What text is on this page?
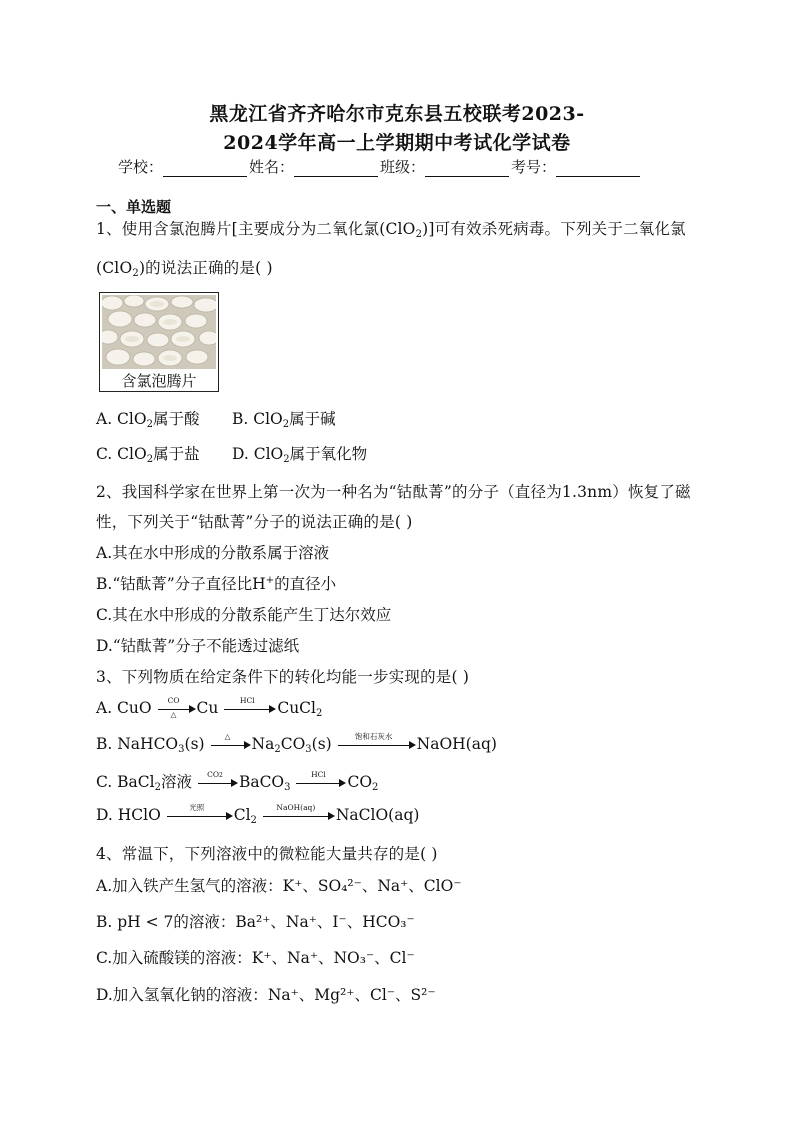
黑龙江省齐齐哈尔市克东县五校联考2023-
2024学年高一上学期期中考试化学试卷
学校：	姓名：	班级：	考号：
一、单选题
1、使用含氯泡腾片[主要成分为二氧化氯(ClO$_2$)]可有效杀死病毒。下列关于二氧化氯
(ClO$_2$)的说法正确的是( )
含氯泡腾片
A. ClO$_2$属于酸 B. ClO$_2$属于碱
C. ClO$_2$属于盐 D. ClO$_2$属于氧化物
2、我国科学家在世界上第一次为一种名为“钴酞菁”的分子（直径为1.3nm）恢复了磁
性，下列关于“钴酞菁”分子的说法正确的是( )
A.其在水中形成的分散系属于溶液
B.“钴酞菁”分子直径比H+的直径小
C.其在水中形成的分散系能产生丁达尔效应
D.“钴酞菁”分子不能透过滤纸
3、下列物质在给定条件下的转化均能一步实现的是( )
A. CuO	CO
△	Cu	HCl	CuCl$_2$
B. NaHCO$_3$(s)	△	$Na_2CO_3(s)$	饱和石灰水	NaOH(aq)
C. BaCl$_2$溶液	CO2	BaCO$_3$
HCl	$CO_2$
D. HClO	光照	$Cl_2$
NaOH(aq)	NaClO(aq)
4、常温下，下列溶液中的微粒能大量共存的是( )
A.加入铁产生氢气的溶液：K⁺、SO₄²⁻、Na⁺、ClO⁻
B. pH < 7的溶液：Ba²⁺、Na⁺、I⁻、HCO₃⁻
C.加入硫酸镁的溶液：K⁺、Na⁺、NO₃⁻、Cl⁻
D.加入氢氧化钠的溶液：Na⁺、Mg²⁺、Cl⁻、S²⁻
